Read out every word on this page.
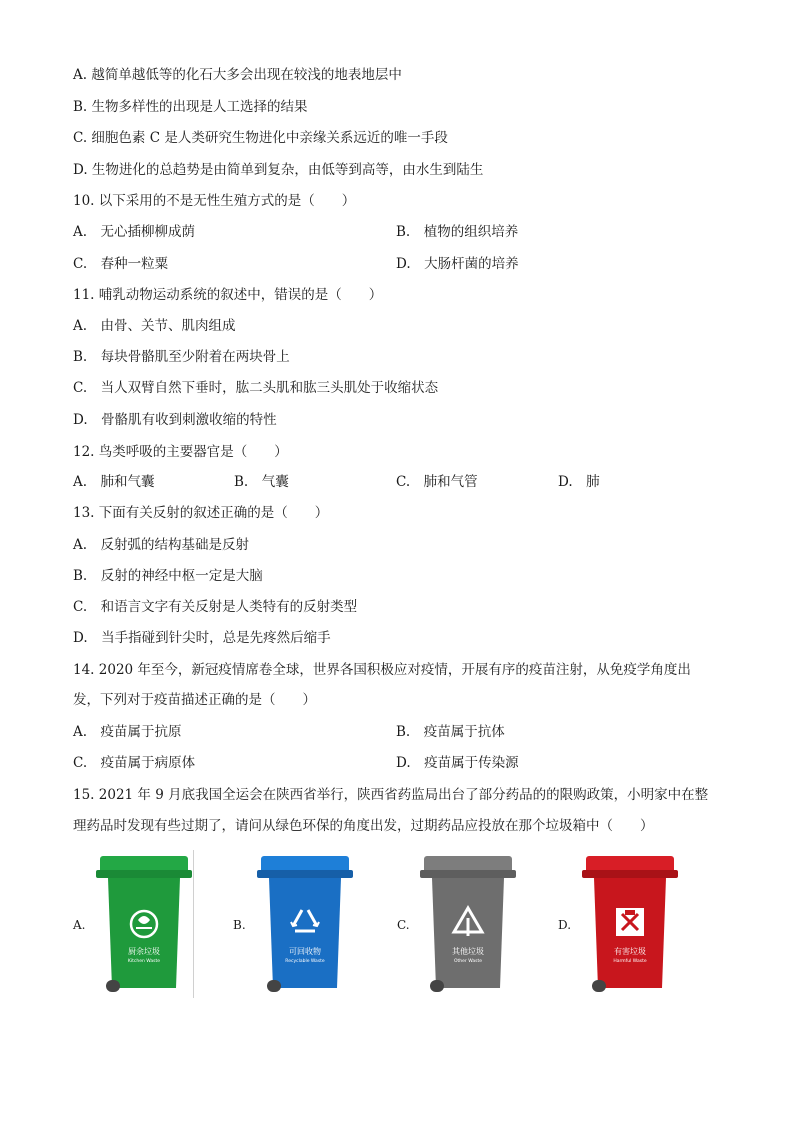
A. 越简单越低等的化石大多会出现在较浅的地表地层中
B. 生物多样性的出现是人工选择的结果
C. 细胞色素 C 是人类研究生物进化中亲缘关系远近的唯一手段
D. 生物进化的总趋势是由简单到复杂，由低等到高等，由水生到陆生
10. 以下采用的不是无性生殖方式的是（　　）
A.　无心插柳柳成荫	B.　植物的组织培养
C.　春种一粒粟	D.　大肠杆菌的培养
11. 哺乳动物运动系统的叙述中，错误的是（　　）
A.　由骨、关节、肌肉组成
B.　每块骨骼肌至少附着在两块骨上
C.　当人双臂自然下垂时，肱二头肌和肱三头肌处于收缩状态
D.　骨骼肌有收到刺激收缩的特性
12. 鸟类呼吸的主要器官是（　　）
A.　肺和气囊	B.　气囊	C.　肺和气管	D.　肺
13. 下面有关反射的叙述正确的是（　　）
A.　反射弧的结构基础是反射
B.　反射的神经中枢一定是大脑
C.　和语言文字有关反射是人类特有的反射类型
D.　当手指碰到针尖时，总是先疼然后缩手
14. 2020 年至今，新冠疫情席卷全球，世界各国积极应对疫情，开展有序的疫苗注射，从免疫学角度出
发，下列对于疫苗描述正确的是（　　）
A.　疫苗属于抗原	B.　疫苗属于抗体
C.　疫苗属于病原体	D.　疫苗属于传染源
15. 2021 年 9 月底我国全运会在陕西省举行，陕西省药监局出台了部分药品的的限购政策，小明家中在整
理药品时发现有些过期了，请问从绿色环保的角度出发，过期药品应投放在那个垃圾箱中（　　）
A.	B.	C.	D.
厨余垃圾
Kitchen Waste
可回收物
Recyclable Waste
其他垃圾
Other Waste
有害垃圾
Harmful Waste
